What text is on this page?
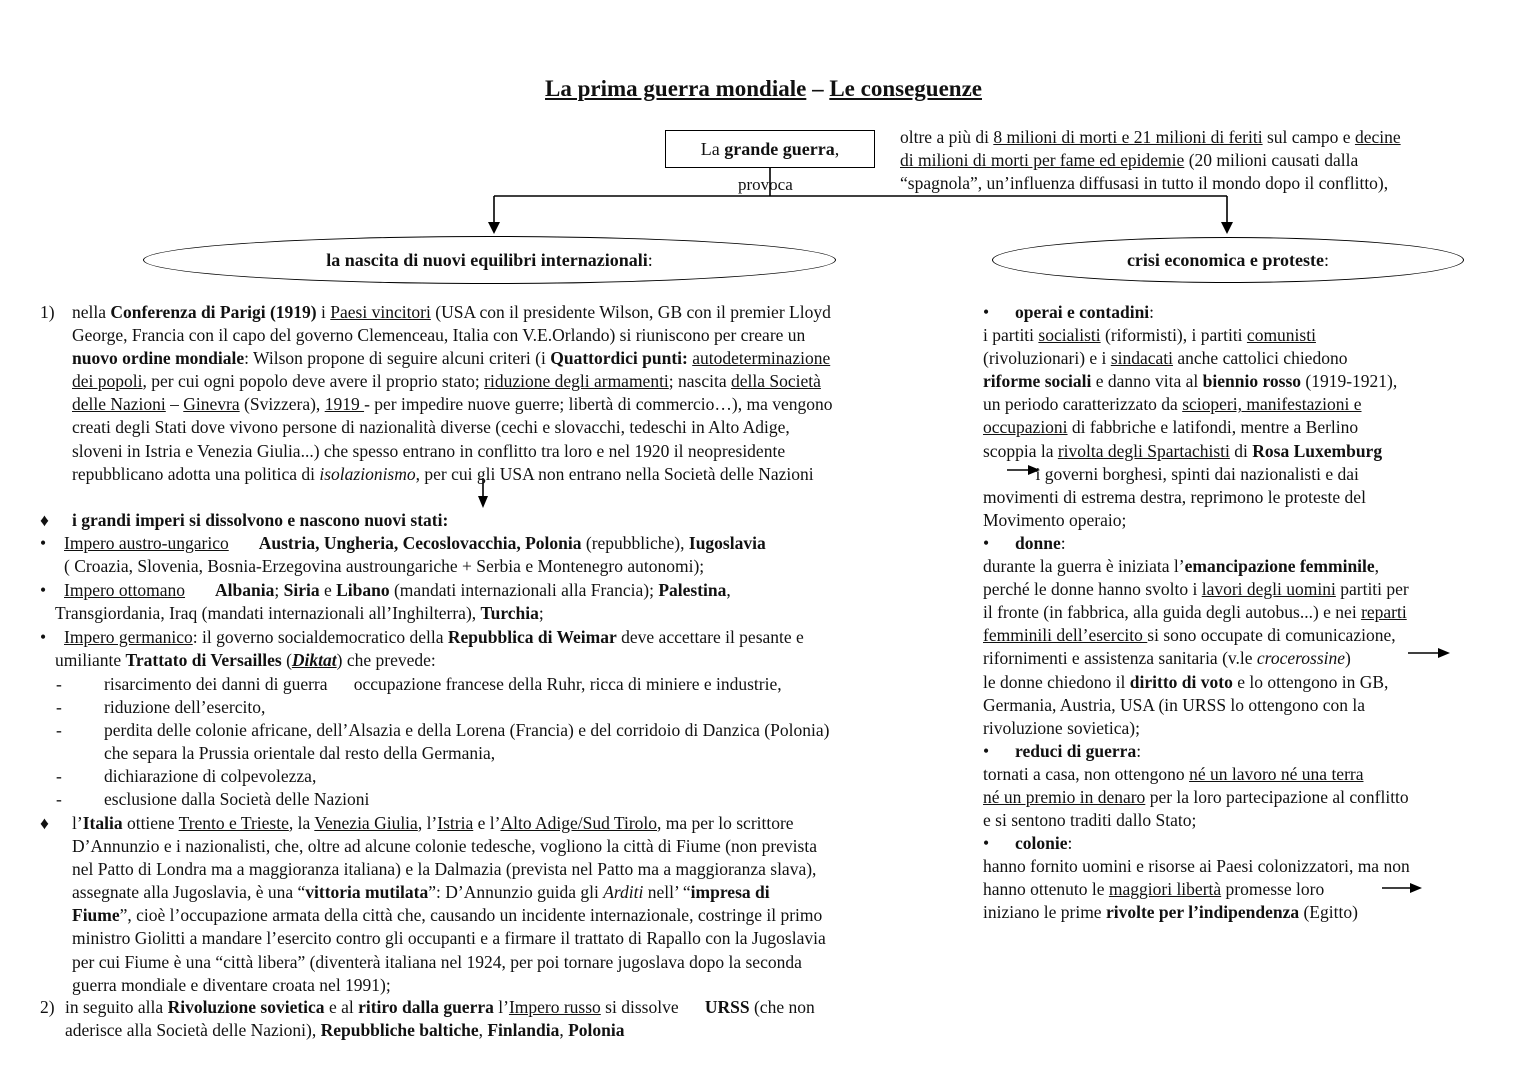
La prima guerra mondiale – Le conseguenze
La grande guerra,
provoca
oltre a più di 8 milioni di morti e 21 milioni di feriti sul campo e decine
di milioni di morti per fame ed epidemie (20 milioni causati dalla
“spagnola”, un’influenza diffusasi in tutto il mondo dopo il conflitto),
la nascita di nuovi equilibri internazionali:	crisi economica e proteste:
1) nella Conferenza di Parigi (1919) i Paesi vincitori (USA con il presidente Wilson, GB con il premier Lloyd
George, Francia con il capo del governo Clemenceau, Italia con V.E.Orlando) si riuniscono per creare un
nuovo ordine mondiale: Wilson propone di seguire alcuni criteri (i Quattordici punti: autodeterminazione
dei popoli, per cui ogni popolo deve avere il proprio stato; riduzione degli armamenti; nascita della Società
delle Nazioni – Ginevra (Svizzera), 1919 - per impedire nuove guerre; libertà di commercio…), ma vengono
creati degli Stati dove vivono persone di nazionalità diverse (cechi e slovacchi, tedeschi in Alto Adige,
sloveni in Istria e Venezia Giulia...) che spesso entrano in conflitto tra loro e nel 1920 il neopresidente
repubblicano adotta una politica di isolazionismo, per cui gli USA non entrano nella Società delle Nazioni
♦ i grandi imperi si dissolvono e nascono nuovi stati:
• Impero austro-ungarico Austria, Ungheria, Cecoslovacchia, Polonia (repubbliche), Iugoslavia
( Croazia, Slovenia, Bosnia-Erzegovina austroungariche + Serbia e Montenegro autonomi);
• Impero ottomano Albania; Siria e Libano (mandati internazionali alla Francia); Palestina,
Transgiordania, Iraq (mandati internazionali all’Inghilterra), Turchia;
• Impero germanico: il governo socialdemocratico della Repubblica di Weimar deve accettare il pesante e
umiliante Trattato di Versailles (Diktat) che prevede:
- risarcimento dei danni di guerra      occupazione francese della Ruhr, ricca di miniere e industrie,
- riduzione dell’esercito,
- perdita delle colonie africane, dell’Alsazia e della Lorena (Francia) e del corridoio di Danzica (Polonia)
che separa la Prussia orientale dal resto della Germania,
- dichiarazione di colpevolezza,
- esclusione dalla Società delle Nazioni
♦ l’Italia ottiene Trento e Trieste, la Venezia Giulia, l’Istria e l’Alto Adige/Sud Tirolo, ma per lo scrittore
D’Annunzio e i nazionalisti, che, oltre ad alcune colonie tedesche, vogliono la città di Fiume (non prevista
nel Patto di Londra ma a maggioranza italiana) e la Dalmazia (prevista nel Patto ma a maggioranza slava),
assegnate alla Jugoslavia, è una “vittoria mutilata”: D’Annunzio guida gli Arditi nell’ “impresa di
Fiume”, cioè l’occupazione armata della città che, causando un incidente internazionale, costringe il primo
ministro Giolitti a mandare l’esercito contro gli occupanti e a firmare il trattato di Rapallo con la Jugoslavia
per cui Fiume è una “città libera” (diventerà italiana nel 1924, per poi tornare jugoslava dopo la seconda
guerra mondiale e diventare croata nel 1991);
2) in seguito alla Rivoluzione sovietica e al ritiro dalla guerra l’Impero russo si dissolve      URSS (che non
aderisce alla Società delle Nazioni), Repubbliche baltiche, Finlandia, Polonia
• operai e contadini:
i partiti socialisti (riformisti), i partiti comunisti
(rivoluzionari) e i sindacati anche cattolici chiedono
riforme sociali e danno vita al biennio rosso (1919-1921),
un periodo caratterizzato da scioperi, manifestazioni e
occupazioni di fabbriche e latifondi, mentre a Berlino
scoppia la rivolta degli Spartachisti di Rosa Luxemburg
i governi borghesi, spinti dai nazionalisti e dai
movimenti di estrema destra, reprimono le proteste del
Movimento operaio;
• donne:
durante la guerra è iniziata l’emancipazione femminile,
perché le donne hanno svolto i lavori degli uomini partiti per
il fronte (in fabbrica, alla guida degli autobus...) e nei reparti
femminili dell’esercito si sono occupate di comunicazione,
rifornimenti e assistenza sanitaria (v.le crocerossine)
le donne chiedono il diritto di voto e lo ottengono in GB,
Germania, Austria, USA (in URSS lo ottengono con la
rivoluzione sovietica);
• reduci di guerra:
tornati a casa, non ottengono né un lavoro né una terra
né un premio in denaro per la loro partecipazione al conflitto
e si sentono traditi dallo Stato;
• colonie:
hanno fornito uomini e risorse ai Paesi colonizzatori, ma non
hanno ottenuto le maggiori libertà promesse loro
iniziano le prime rivolte per l’indipendenza (Egitto)
